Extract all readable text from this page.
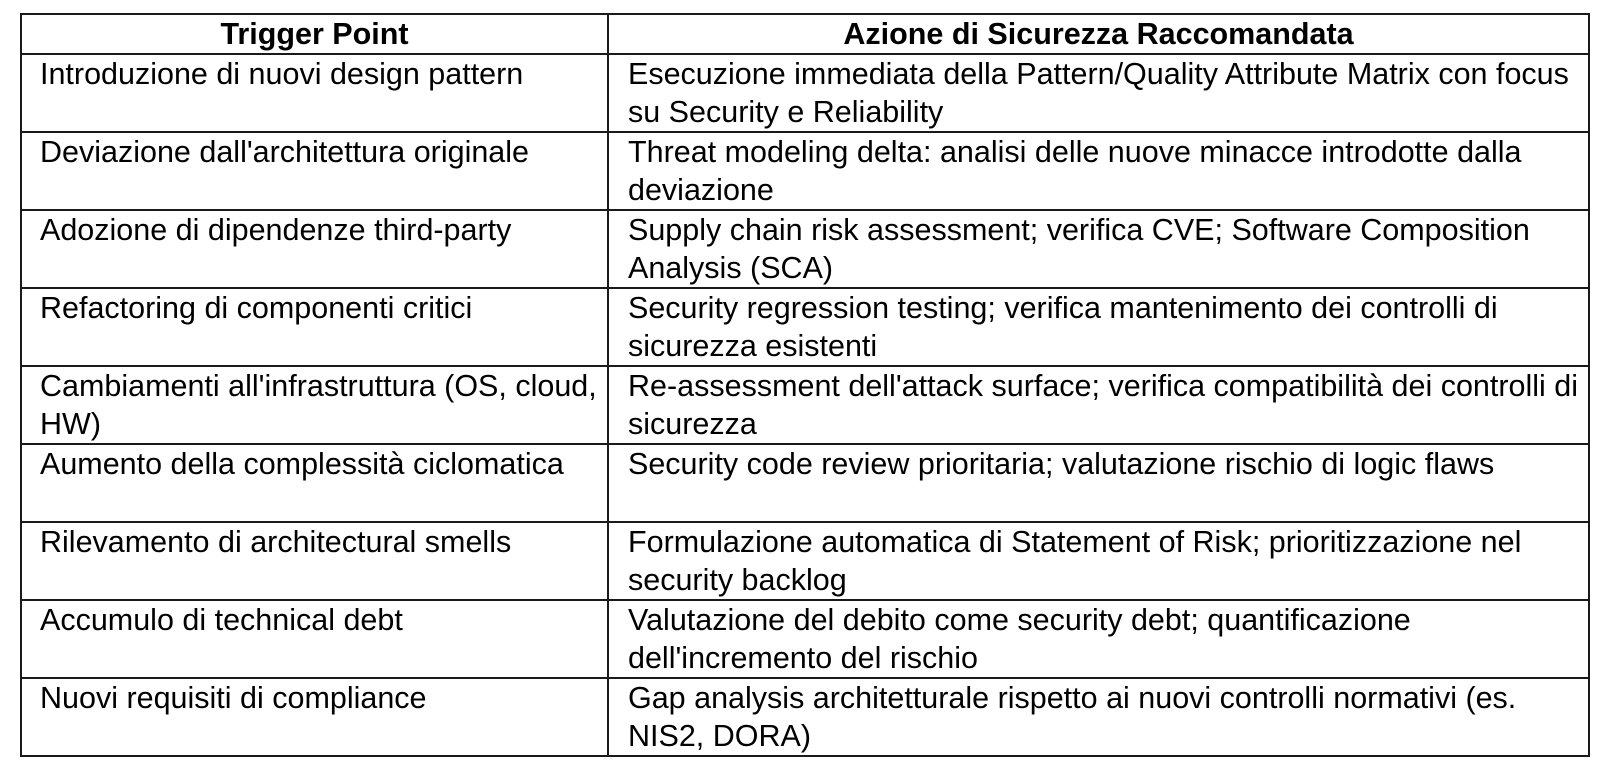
Trigger Point	Azione di Sicurezza Raccomandata
Introduzione di nuovi design pattern	Esecuzione immediata della Pattern/Quality Attribute Matrix con focus su Security e Reliability
Deviazione dall'architettura originale	Threat modeling delta: analisi delle nuove minacce introdotte dalla deviazione
Adozione di dipendenze third-party	Supply chain risk assessment; verifica CVE; Software Composition Analysis (SCA)
Refactoring di componenti critici	Security regression testing; verifica mantenimento dei controlli di sicurezza esistenti
Cambiamenti all'infrastruttura (OS, cloud, HW)	Re-assessment dell'attack surface; verifica compatibilità dei controlli di sicurezza
Aumento della complessità ciclomatica	Security code review prioritaria; valutazione rischio di logic flaws
Rilevamento di architectural smells	Formulazione automatica di Statement of Risk; prioritizzazione nel security backlog
Accumulo di technical debt	Valutazione del debito come security debt; quantificazione dell'incremento del rischio
Nuovi requisiti di compliance	Gap analysis architetturale rispetto ai nuovi controlli normativi (es. NIS2, DORA)
